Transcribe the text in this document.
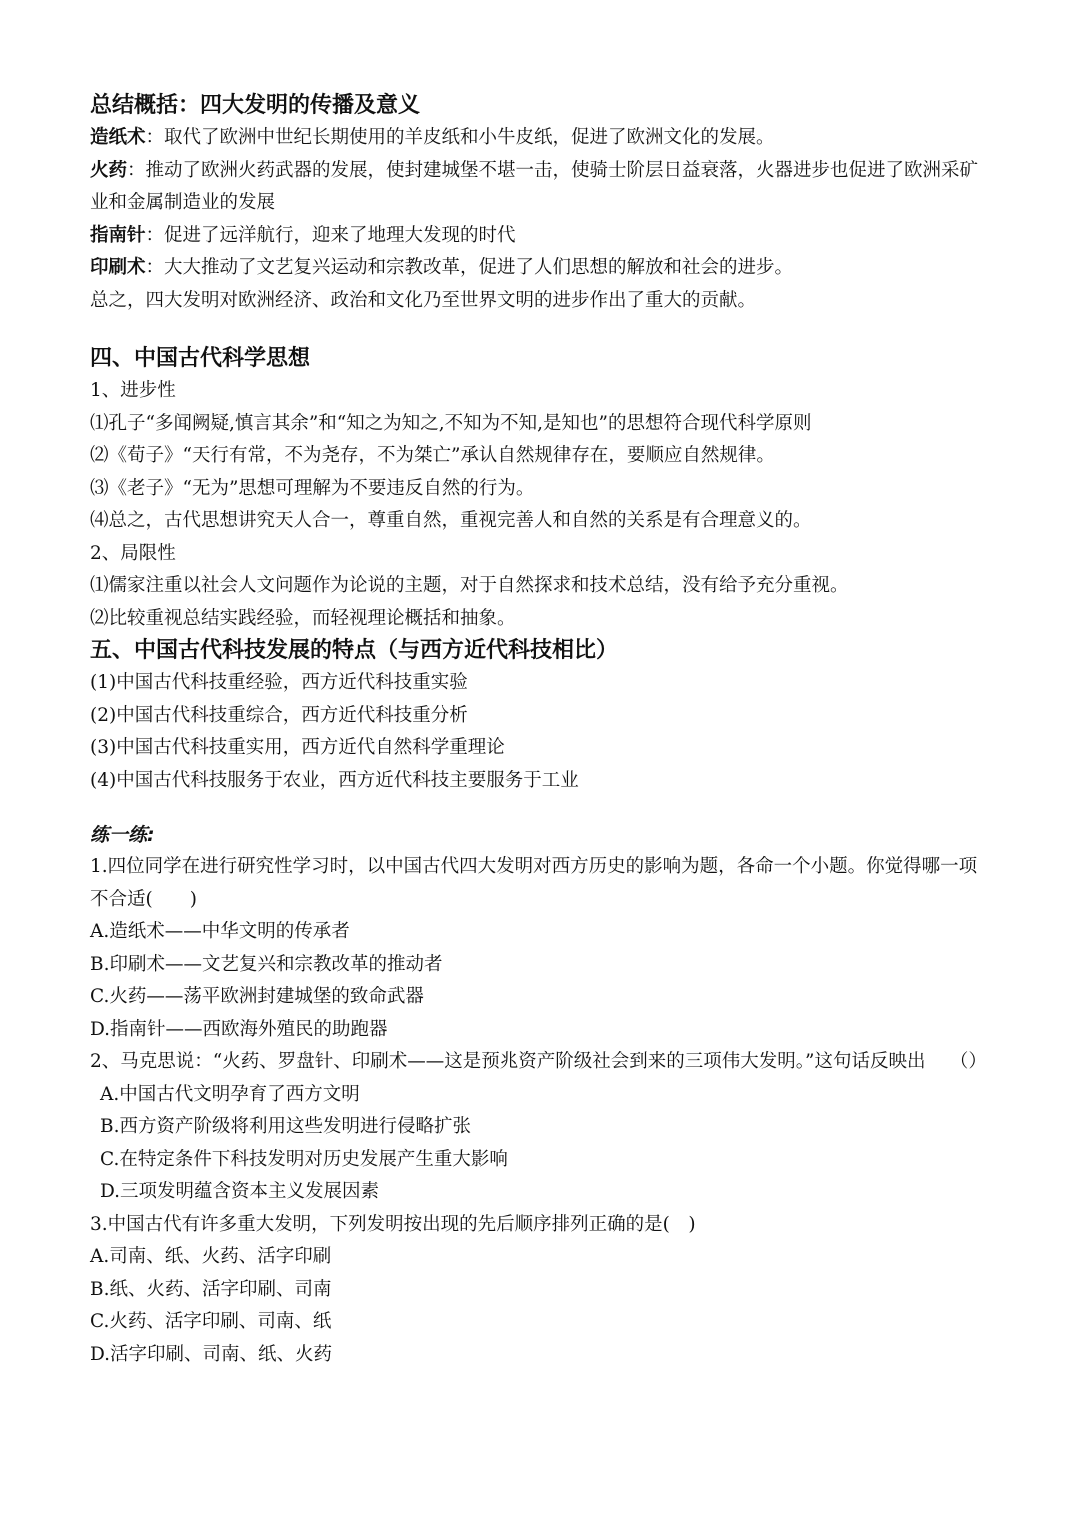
总结概括：四大发明的传播及意义

造纸术：取代了欧洲中世纪长期使用的羊皮纸和小牛皮纸，促进了欧洲文化的发展。

火药：推动了欧洲火药武器的发展，使封建城堡不堪一击，使骑士阶层日益衰落，火器进步也促进了欧洲采矿业和金属制造业的发展

指南针：促进了远洋航行，迎来了地理大发现的时代

印刷术：大大推动了文艺复兴运动和宗教改革，促进了人们思想的解放和社会的进步。

总之，四大发明对欧洲经济、政治和文化乃至世界文明的进步作出了重大的贡献。

四、中国古代科学思想

1、进步性

⑴孔子“多闻阙疑,慎言其余”和“知之为知之,不知为不知,是知也”的思想符合现代科学原则

⑵《荀子》“天行有常，不为尧存，不为桀亡”承认自然规律存在，要顺应自然规律。

⑶《老子》“无为”思想可理解为不要违反自然的行为。

⑷总之，古代思想讲究天人合一，尊重自然，重视完善人和自然的关系是有合理意义的。

2、局限性

⑴儒家注重以社会人文问题作为论说的主题，对于自然探求和技术总结，没有给予充分重视。

⑵比较重视总结实践经验，而轻视理论概括和抽象。

五、中国古代科技发展的特点（与西方近代科技相比）

(1)中国古代科技重经验，西方近代科技重实验

(2)中国古代科技重综合，西方近代科技重分析

(3)中国古代科技重实用，西方近代自然科学重理论

(4)中国古代科技服务于农业，西方近代科技主要服务于工业

练一练:

1.四位同学在进行研究性学习时，以中国古代四大发明对西方历史的影响为题，各命一个小题。你觉得哪一项不合适(　　)

A.造纸术——中华文明的传承者

B.印刷术——文艺复兴和宗教改革的推动者

C.火药——荡平欧洲封建城堡的致命武器

D.指南针——西欧海外殖民的助跑器

2、马克思说：“火药、罗盘针、印刷术——这是预兆资产阶级社会到来的三项伟大发明。”这句话反映出　 （）

A.中国古代文明孕育了西方文明

B.西方资产阶级将利用这些发明进行侵略扩张

C.在特定条件下科技发明对历史发展产生重大影响

D.三项发明蕴含资本主义发展因素

3.中国古代有许多重大发明，下列发明按出现的先后顺序排列正确的是(　)

A.司南、纸、火药、活字印刷

B.纸、火药、活字印刷、司南

C.火药、活字印刷、司南、纸

D.活字印刷、司南、纸、火药
